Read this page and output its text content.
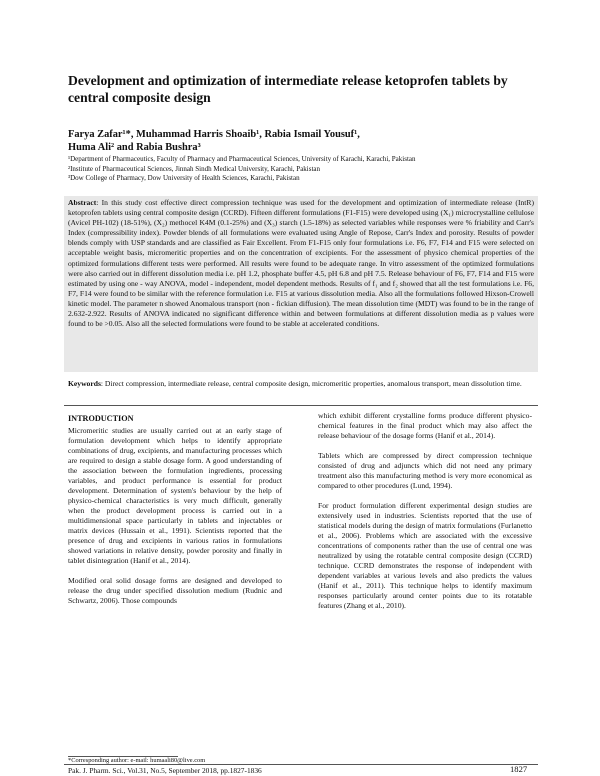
Development and optimization of intermediate release ketoprofen tablets by central composite design
Farya Zafar¹*, Muhammad Harris Shoaib¹, Rabia Ismail Yousuf¹,
Huma Ali² and Rabia Bushra³
¹Department of Pharmaceutics, Faculty of Pharmacy and Pharmaceutical Sciences, University of Karachi, Karachi, Pakistan
²Institute of Pharmaceutical Sciences, Jinnah Sindh Medical University, Karachi, Pakistan
³Dow College of Pharmacy, Dow University of Health Sciences, Karachi, Pakistan
Abstract: In this study cost effective direct compression technique was used for the development and optimization of intermediate release (IntR) ketoprofen tablets using central composite design (CCRD). Fifteen different formulations (F1-F15) were developed using (X₁) microcrystalline cellulose (Avicel PH-102) (18-51%), (X₂) methocel K4M (0.1-25%) and (X₃) starch (1.5-18%) as selected variables while responses were % friability and Carr's Index (compressibility index). Powder blends of all formulations were evaluated using Angle of Repose, Carr's Index and porosity. Results of powder blends comply with USP standards and are classified as Fair Excellent. From F1-F15 only four formulations i.e. F6, F7, F14 and F15 were selected on acceptable weight basis, micromeritic properties and on the concentration of excipients. For the assessment of physico chemical properties of the optimized formulations different tests were performed. All results were found to be adequate range. In vitro assessment of the optimized formulations were also carried out in different dissolution media i.e. pH 1.2, phosphate buffer 4.5, pH 6.8 and pH 7.5. Release behaviour of F6, F7, F14 and F15 were estimated by using one - way ANOVA, model - independent, model dependent methods. Results of f₁ and f₂ showed that all the test formulations i.e. F6, F7, F14 were found to be similar with the reference formulation i.e. F15 at various dissolution media. Also all the formulations followed Hixson-Crowell kinetic model. The parameter n showed Anomalous transport (non - fickian diffusion). The mean dissolution time (MDT) was found to be in the range of 2.632-2.922. Results of ANOVA indicated no significant difference within and between formulations at different dissolution media as p values were found to be >0.05. Also all the selected formulations were found to be stable at accelerated conditions.
Keywords: Direct compression, intermediate release, central composite design, micromeritic properties, anomalous transport, mean dissolution time.
INTRODUCTION

Micromeritic studies are usually carried out at an early stage of formulation development which helps to identify appropriate combinations of drug, excipients, and manufacturing processes which are required to design a stable dosage form. A good understanding of the association between the formulation ingredients, processing variables, and product performance is essential for product development. Determination of system's behaviour by the help of physico-chemical characteristics is very much difficult, generally when the product development process is carried out in a multidimensional space particularly in tablets and injectables or matrix devices (Hussain et al., 1991). Scientists reported that the presence of drug and excipients in various ratios in formulations showed variations in relative density, powder porosity and finally in tablet disintegration (Hanif et al., 2014).

Modified oral solid dosage forms are designed and developed to release the drug under specified dissolution medium (Rudnic and Schwartz, 2006). Those compounds

which exhibit different crystalline forms produce different physico-chemical features in the final product which may also affect the release behaviour of the dosage forms (Hanif et al., 2014).

Tablets which are compressed by direct compression technique consisted of drug and adjuncts which did not need any primary treatment also this manufacturing method is very more economical as compared to other procedures (Lund, 1994).

For product formulation different experimental design studies are extensively used in industries. Scientists reported that the use of statistical models during the design of matrix formulations (Furlanetto et al., 2006). Problems which are associated with the excessive concentrations of components rather than the use of central one was neutralized by using the rotatable central composite design (CCRD) technique. CCRD demonstrates the response of independent with dependent variables at various levels and also predicts the values (Hanif et al., 2011). This technique helps to identify maximum responses particularly around center points due to its rotatable features (Zhang et al., 2010).

*Corresponding author: e-mail: humaali80@live.com
Pak. J. Pharm. Sci., Vol.31, No.5, September 2018, pp.1827-1836	1827
